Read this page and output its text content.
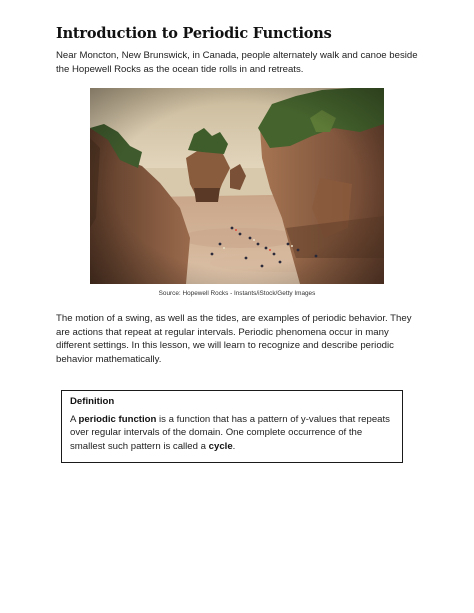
Introduction to Periodic Functions

Near Moncton, New Brunswick, in Canada, people alternately walk and canoe beside the Hopewell Rocks as the ocean tide rolls in and retreats.

Source: Hopewell Rocks - Instants/iStock/Getty Images

The motion of a swing, as well as the tides, are examples of periodic behavior. They are actions that repeat at regular intervals. Periodic phenomena occur in many different settings. In this lesson, we will learn to recognize and describe periodic behavior mathematically.

Definition

A periodic function is a function that has a pattern of y-values that repeats over regular intervals of the domain. One complete occurrence of the smallest such pattern is called a cycle.
